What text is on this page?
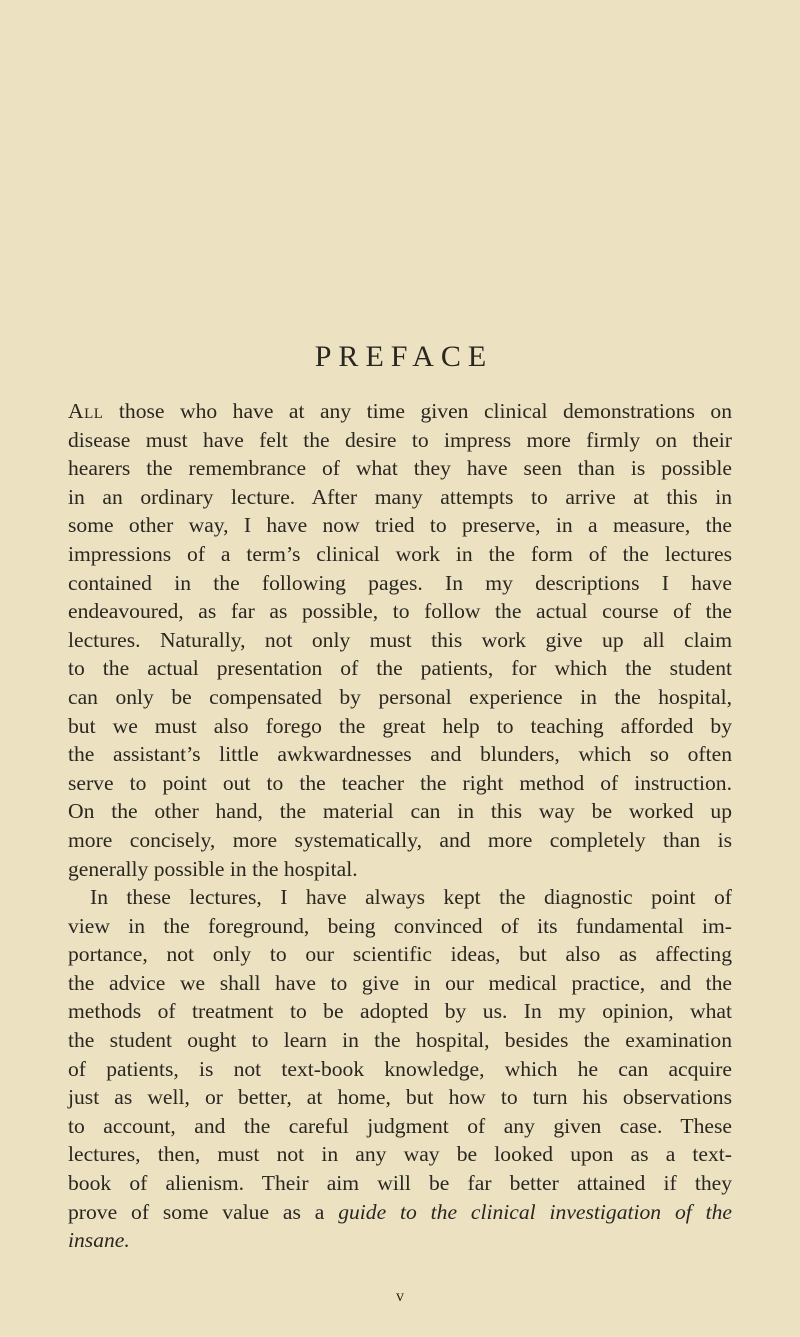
PREFACE
All those who have at any time given clinical demonstrations on
disease must have felt the desire to impress more firmly on their
hearers the remembrance of what they have seen than is possible
in an ordinary lecture. After many attempts to arrive at this in
some other way, I have now tried to preserve, in a measure, the
impressions of a term’s clinical work in the form of the lectures
contained in the following pages. In my descriptions I have
endeavoured, as far as possible, to follow the actual course of the
lectures. Naturally, not only must this work give up all claim
to the actual presentation of the patients, for which the student
can only be compensated by personal experience in the hospital,
but we must also forego the great help to teaching afforded by
the assistant’s little awkwardnesses and blunders, which so often
serve to point out to the teacher the right method of instruction.
On the other hand, the material can in this way be worked up
more concisely, more systematically, and more completely than is
generally possible in the hospital.
In these lectures, I have always kept the diagnostic point of
view in the foreground, being convinced of its fundamental im-
portance, not only to our scientific ideas, but also as affecting
the advice we shall have to give in our medical practice, and the
methods of treatment to be adopted by us. In my opinion, what
the student ought to learn in the hospital, besides the examination
of patients, is not text-book knowledge, which he can acquire
just as well, or better, at home, but how to turn his observations
to account, and the careful judgment of any given case. These
lectures, then, must not in any way be looked upon as a text-
book of alienism. Their aim will be far better attained if they
prove of some value as a guide to the clinical investigation of the
insane.
v
